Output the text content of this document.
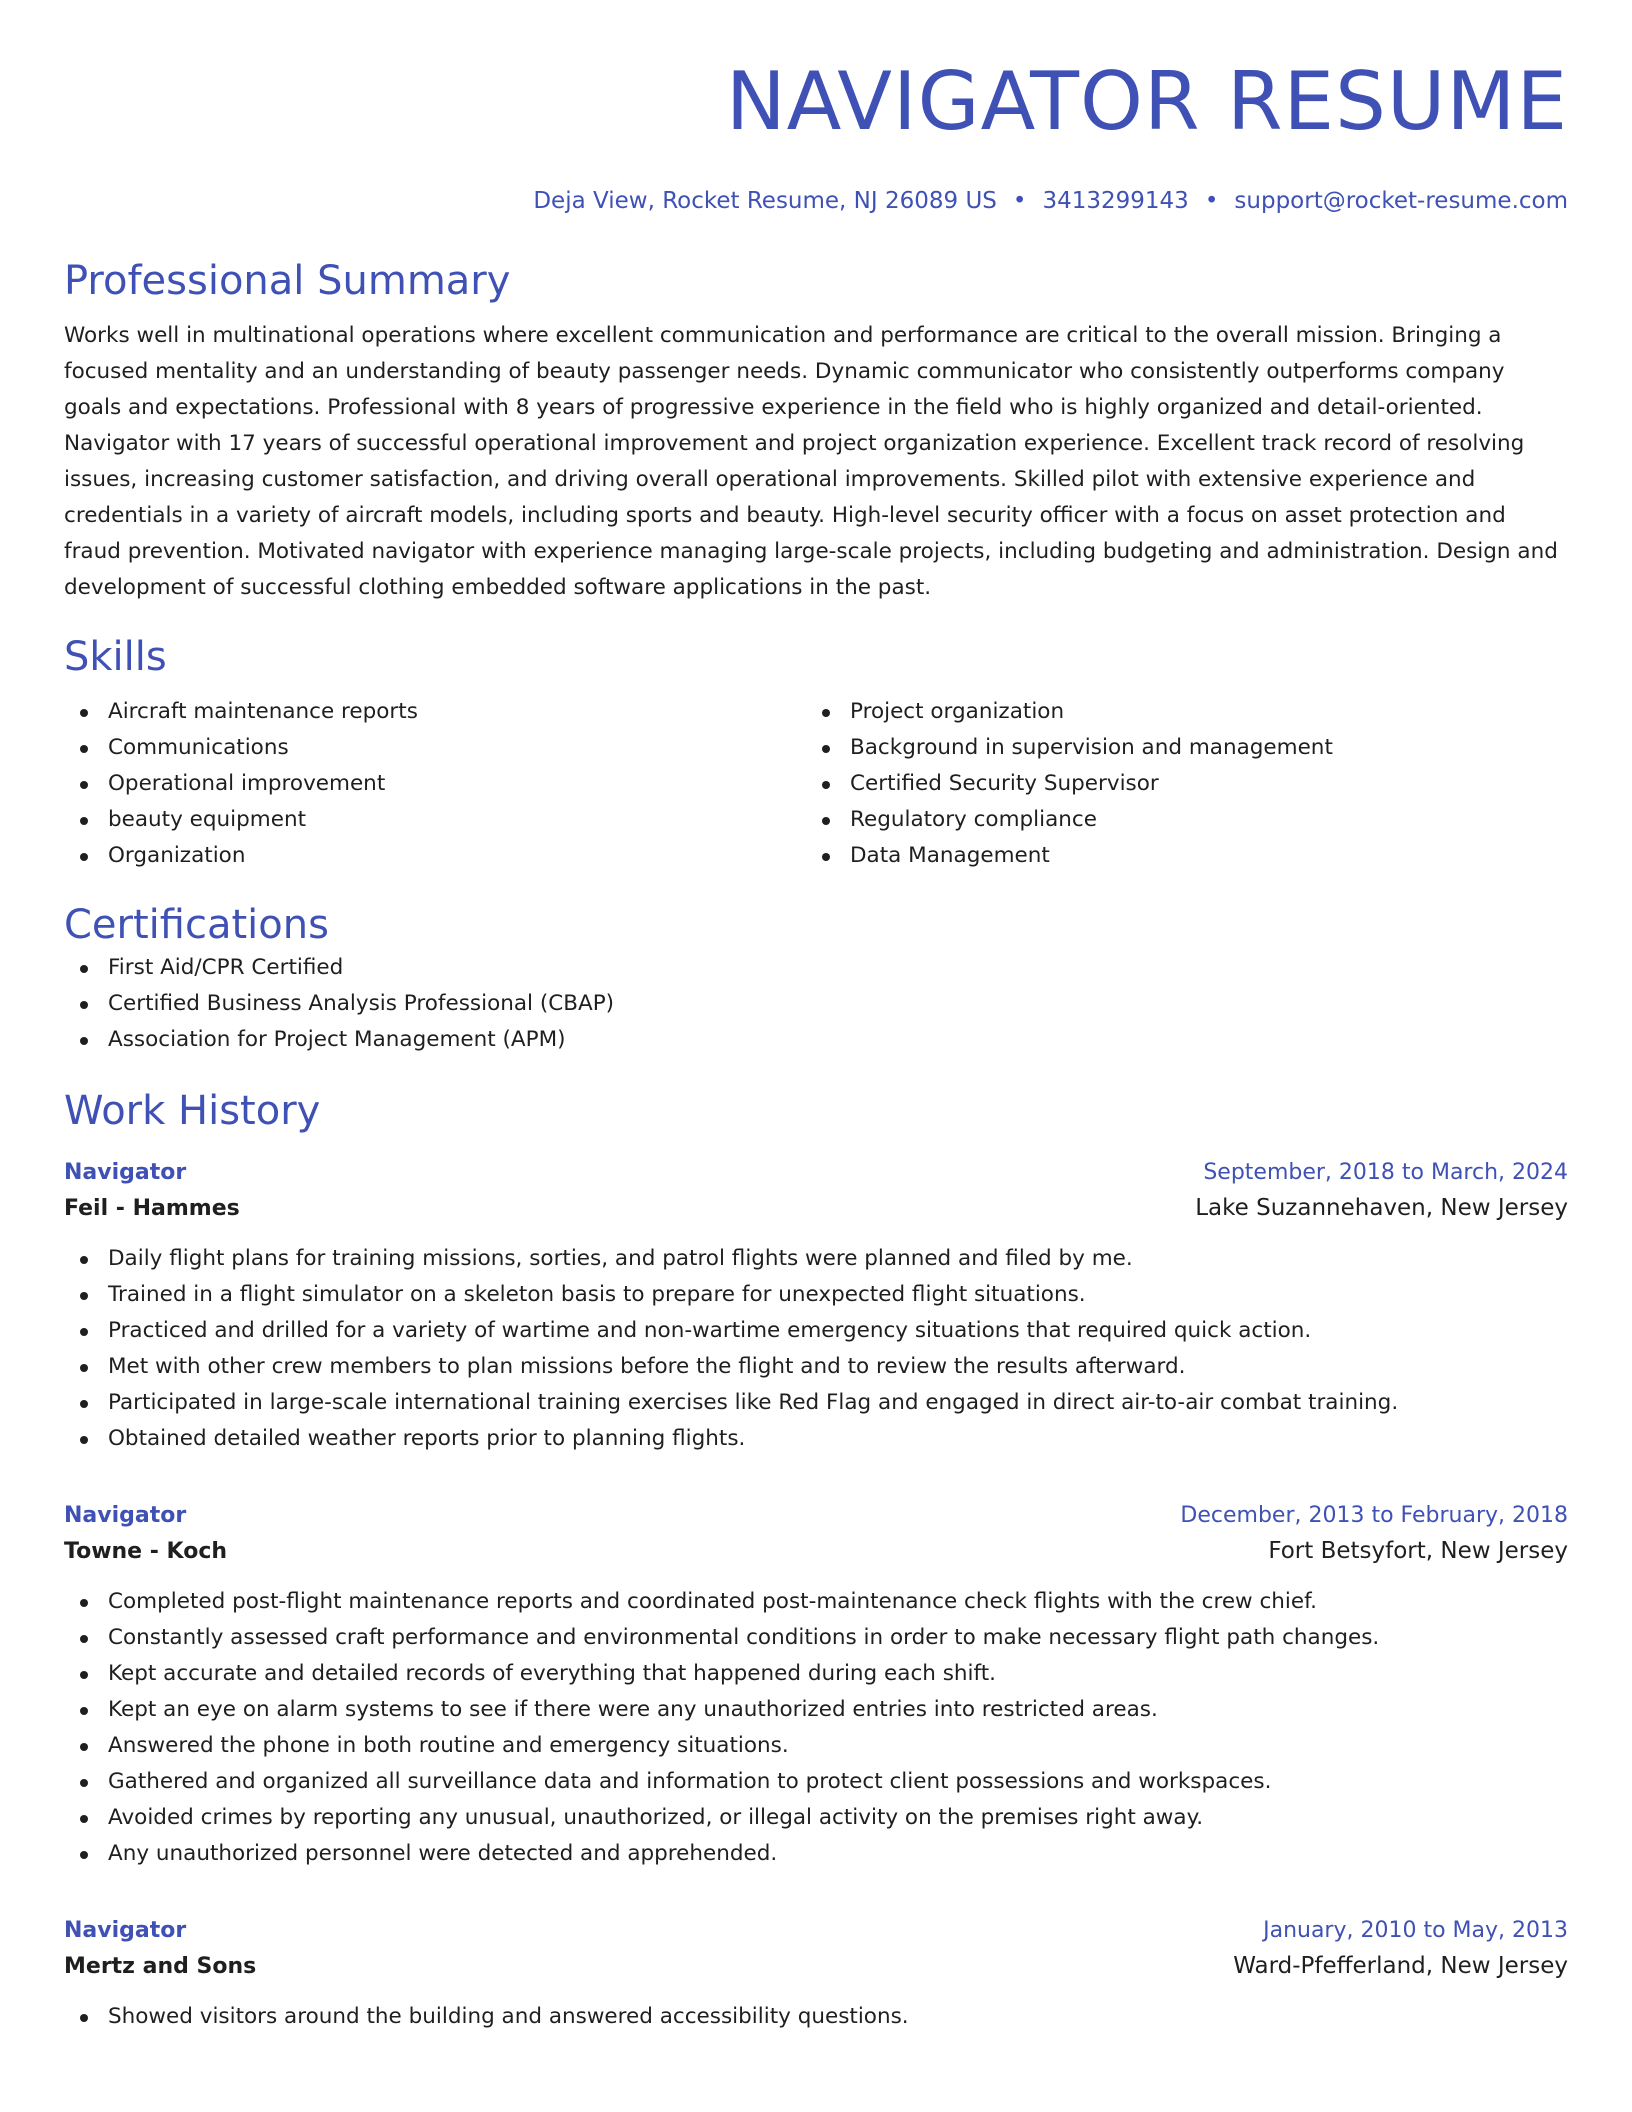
NAVIGATOR RESUME
Deja View, Rocket Resume, NJ 26089 US • 3413299143 • support@rocket-resume.com
Professional Summary

Works well in multinational operations where excellent communication and performance are critical to the overall mission. Bringing a focused mentality and an understanding of beauty passenger needs. Dynamic communicator who consistently outperforms company goals and expectations. Professional with 8 years of progressive experience in the field who is highly organized and detail-oriented. Navigator with 17 years of successful operational improvement and project organization experience. Excellent track record of resolving issues, increasing customer satisfaction, and driving overall operational improvements. Skilled pilot with extensive experience and credentials in a variety of aircraft models, including sports and beauty. High-level security officer with a focus on asset protection and fraud prevention. Motivated navigator with experience managing large-scale projects, including budgeting and administration. Design and development of successful clothing embedded software applications in the past.

Skills
Aircraft maintenance reports
Communications
Operational improvement
beauty equipment
Organization
Project organization
Background in supervision and management
Certified Security Supervisor
Regulatory compliance
Data Management
Certifications
First Aid/CPR Certified
Certified Business Analysis Professional (CBAP)
Association for Project Management (APM)
Work History
Navigator	September, 2018 to March, 2024
Feil - Hammes	Lake Suzannehaven, New Jersey
Daily flight plans for training missions, sorties, and patrol flights were planned and filed by me.
Trained in a flight simulator on a skeleton basis to prepare for unexpected flight situations.
Practiced and drilled for a variety of wartime and non-wartime emergency situations that required quick action.
Met with other crew members to plan missions before the flight and to review the results afterward.
Participated in large-scale international training exercises like Red Flag and engaged in direct air-to-air combat training.
Obtained detailed weather reports prior to planning flights.
Navigator	December, 2013 to February, 2018
Towne - Koch	Fort Betsyfort, New Jersey
Completed post-flight maintenance reports and coordinated post-maintenance check flights with the crew chief.
Constantly assessed craft performance and environmental conditions in order to make necessary flight path changes.
Kept accurate and detailed records of everything that happened during each shift.
Kept an eye on alarm systems to see if there were any unauthorized entries into restricted areas.
Answered the phone in both routine and emergency situations.
Gathered and organized all surveillance data and information to protect client possessions and workspaces.
Avoided crimes by reporting any unusual, unauthorized, or illegal activity on the premises right away.
Any unauthorized personnel were detected and apprehended.
Navigator	January, 2010 to May, 2013
Mertz and Sons	Ward-Pfefferland, New Jersey
Showed visitors around the building and answered accessibility questions.
